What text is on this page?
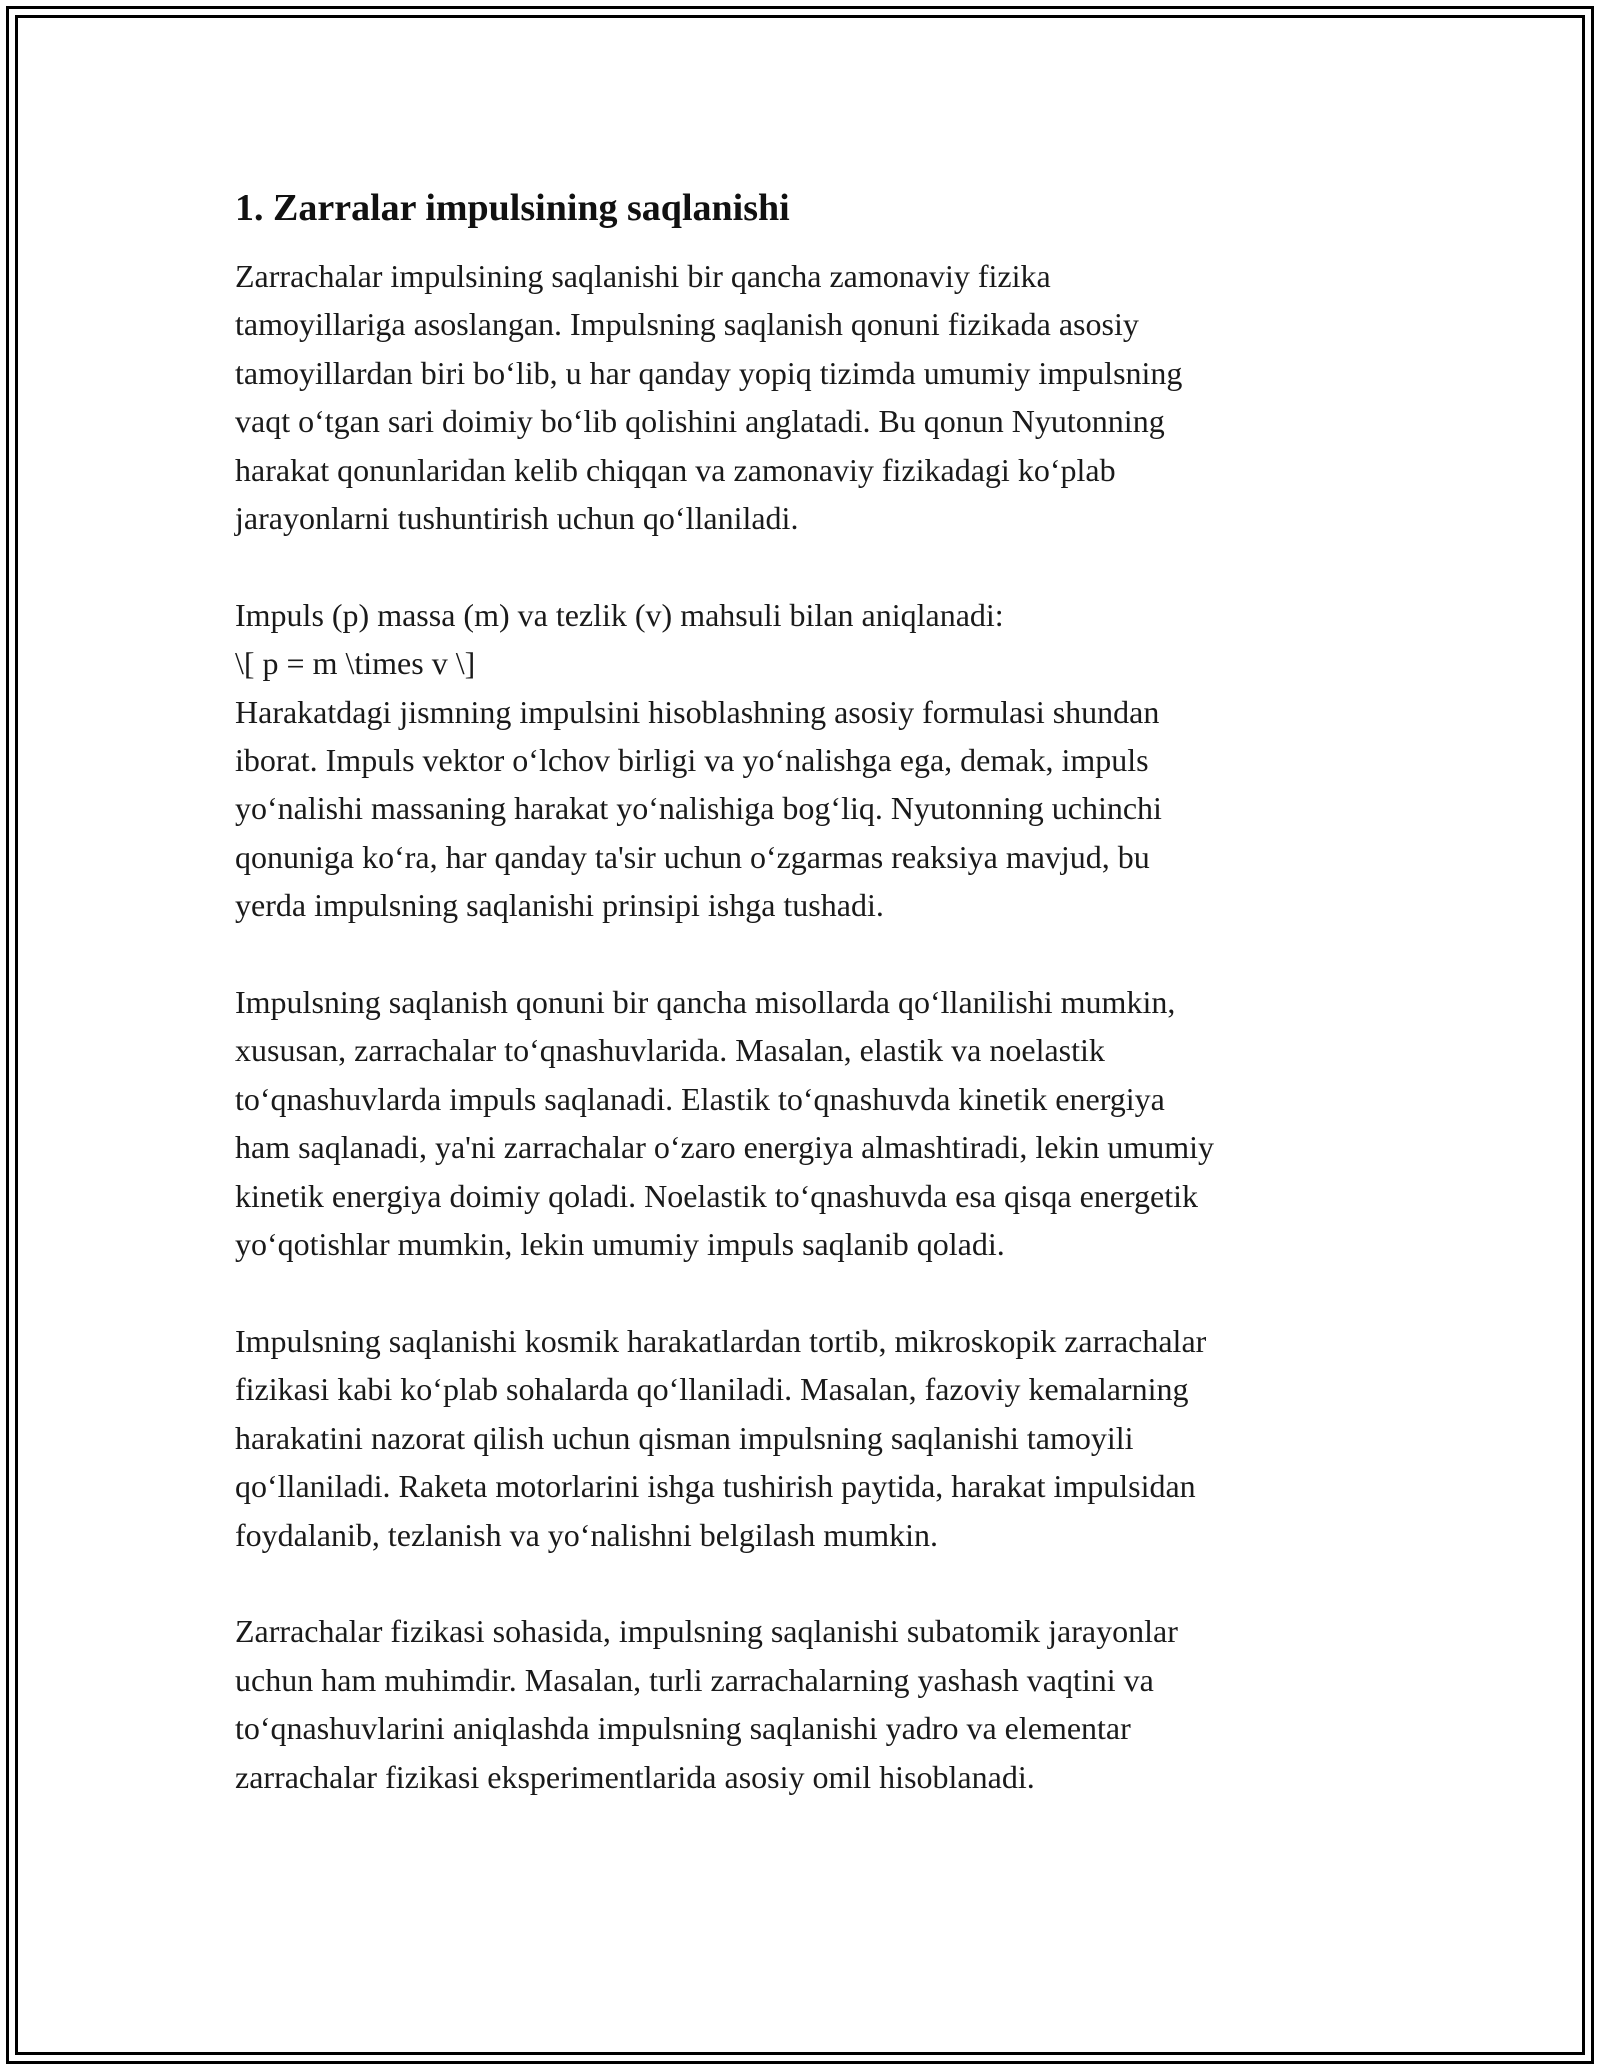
1. Zarralar impulsining saqlanishi
Zarrachalar impulsining saqlanishi bir qancha zamonaviy fizika
tamoyillariga asoslangan. Impulsning saqlanish qonuni fizikada asosiy
tamoyillardan biri boʻlib, u har qanday yopiq tizimda umumiy impulsning
vaqt oʻtgan sari doimiy boʻlib qolishini anglatadi. Bu qonun Nyutonning
harakat qonunlaridan kelib chiqqan va zamonaviy fizikadagi koʻplab
jarayonlarni tushuntirish uchun qoʻllaniladi.
Impuls (p) massa (m) va tezlik (v) mahsuli bilan aniqlanadi:
\[ p = m \times v \]
Harakatdagi jismning impulsini hisoblashning asosiy formulasi shundan
iborat. Impuls vektor oʻlchov birligi va yoʻnalishga ega, demak, impuls
yoʻnalishi massaning harakat yoʻnalishiga bogʻliq. Nyutonning uchinchi
qonuniga koʻra, har qanday ta'sir uchun oʻzgarmas reaksiya mavjud, bu
yerda impulsning saqlanishi prinsipi ishga tushadi.
Impulsning saqlanish qonuni bir qancha misollarda qoʻllanilishi mumkin,
xususan, zarrachalar toʻqnashuvlarida. Masalan, elastik va noelastik
toʻqnashuvlarda impuls saqlanadi. Elastik toʻqnashuvda kinetik energiya
ham saqlanadi, ya'ni zarrachalar oʻzaro energiya almashtiradi, lekin umumiy
kinetik energiya doimiy qoladi. Noelastik toʻqnashuvda esa qisqa energetik
yoʻqotishlar mumkin, lekin umumiy impuls saqlanib qoladi.
Impulsning saqlanishi kosmik harakatlardan tortib, mikroskopik zarrachalar
fizikasi kabi koʻplab sohalarda qoʻllaniladi. Masalan, fazoviy kemalarning
harakatini nazorat qilish uchun qisman impulsning saqlanishi tamoyili
qoʻllaniladi. Raketa motorlarini ishga tushirish paytida, harakat impulsidan
foydalanib, tezlanish va yoʻnalishni belgilash mumkin.
Zarrachalar fizikasi sohasida, impulsning saqlanishi subatomik jarayonlar
uchun ham muhimdir. Masalan, turli zarrachalarning yashash vaqtini va
toʻqnashuvlarini aniqlashda impulsning saqlanishi yadro va elementar
zarrachalar fizikasi eksperimentlarida asosiy omil hisoblanadi.
